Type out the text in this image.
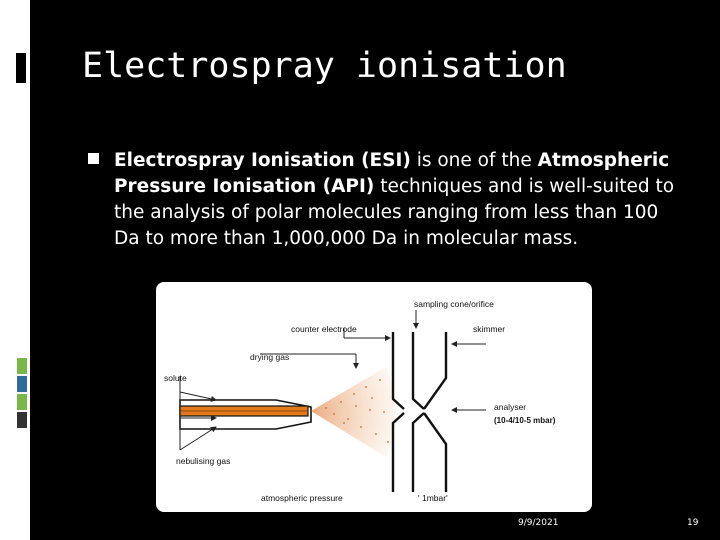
Electrospray ionisation
Electrospray Ionisation (ESI) is one of the Atmospheric Pressure Ionisation (API) techniques and is well-suited to the analysis of polar molecules ranging from less than 100 Da to more than 1,000,000 Da in molecular mass.
sampling cone/orifice
counter electrode	skimmer
drying gas
solute
analyser
(10-4/10-5 mbar)
nebulising gas
atmospheric pressure	' 1mbar'
9/9/2021	19
